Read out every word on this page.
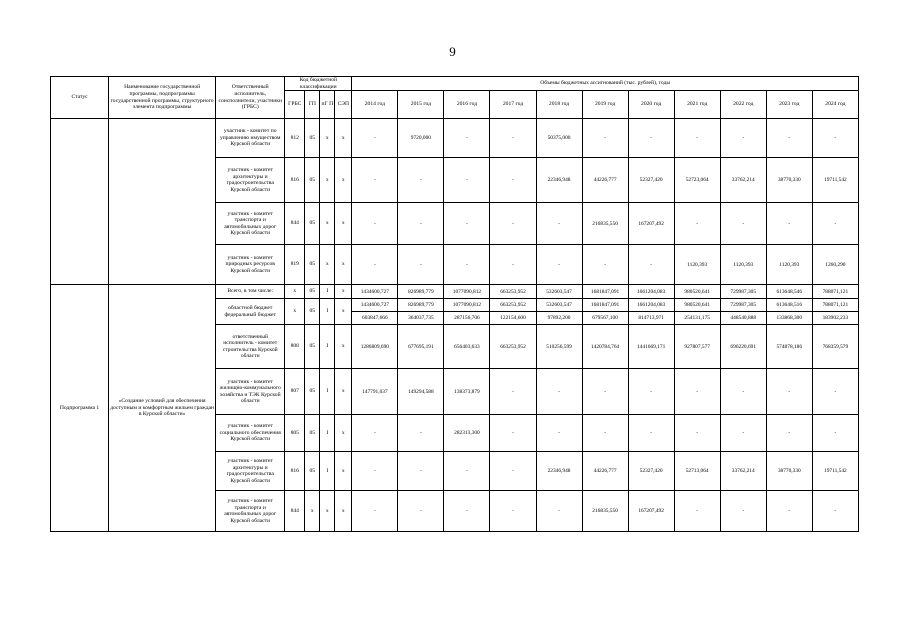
9
Статус	Наименование государственной программы, подпрограммы государственной программы, структурного элемента подпрограммы	Ответственный исполнитель, соисполнители, участники (ГРБС)	Код бюджетной классификации				Объемы бюджетных ассигнований (тыс. рублей), годы										
			ГРБС	ГП	пГ П	СЭП	2014 год	2015 год	2016 год	2017 год	2018 год	2019 год	2020 год	2021 год	2022 год	2023 год	2024 год
		участник - комитет по управлению имуществом Курской области	812	05	х	х	-	9720,000	-	-	50375,000	-	-	-	-	-	-
		участник - комитет архитектуры и градостроительства Курской области	816	05	х	х	-	-	-	-	22346,948	44226,777	52327,420	52723,064	33762,214	38770,330	19711,542
		участник - комитет транспорта и автомобильных дорог Курской области	844	05	х	х	-	-	-	-	-	216835,550	167207,492	-	-	-	-
		участник - комитет природных ресурсов Курской области	819	05	х	х	-	-	-	-	-	-	-	1120,393	1120,393	1120,393	1260,290
Подпрограмма 1	«Создание условий для обеспечения доступным и комфортным жильем граждан в Курской области»	Всего, в том числе:	х	05	I	х	1434600,727	826989,779	1077090,812	663253,952	532603,547	1681847,091	1661204,083	980520,641	729987,305	613648,546	788071,121
		областной бюджет федеральный бюджет	х	05	I	х	1434600,727	826989,779	1077090,812	663253,952	532603,547	1681847,091	1661204,083	980520,641	729987,305	613648,516	788071,121
							603847,666	364037,735	287156,706	122154,600	97892,200	679567,100	814713,971	254131,175	448540,888	133868,300	183902,233
		ответственный исполнитель - комитет строительства Курской области	808	05	I	х	1286809,690	677695,191	656403,633	663253,952	510256,599	1420784,764	1441669,171	927807,577	696220,691	574878,186	768359,579
		участник - комитет жилищно-коммунального хозяйства и ТЭК Курской области	807	05	I	х	147791,037	149294,588	138373,879	-	-	-	-	-	-	-	-
		участник - комитет социального обеспечения Курской области	805	05	I	х	-	-	282313,300	-	-	-	-	-	-	-	-
		участник - комитет архитектуры и градостроительства Курской области	816	05	I	х	-	-	-	-	22346,948	44226,777	52327,420	52713,064	33762,214	38770,330	19711,542
		участник - комитет транспорта и автомобильных дорог Курской области	844	х	х	х	-	-	-	-	-	216835,550	167207,492	-	-	-	-
